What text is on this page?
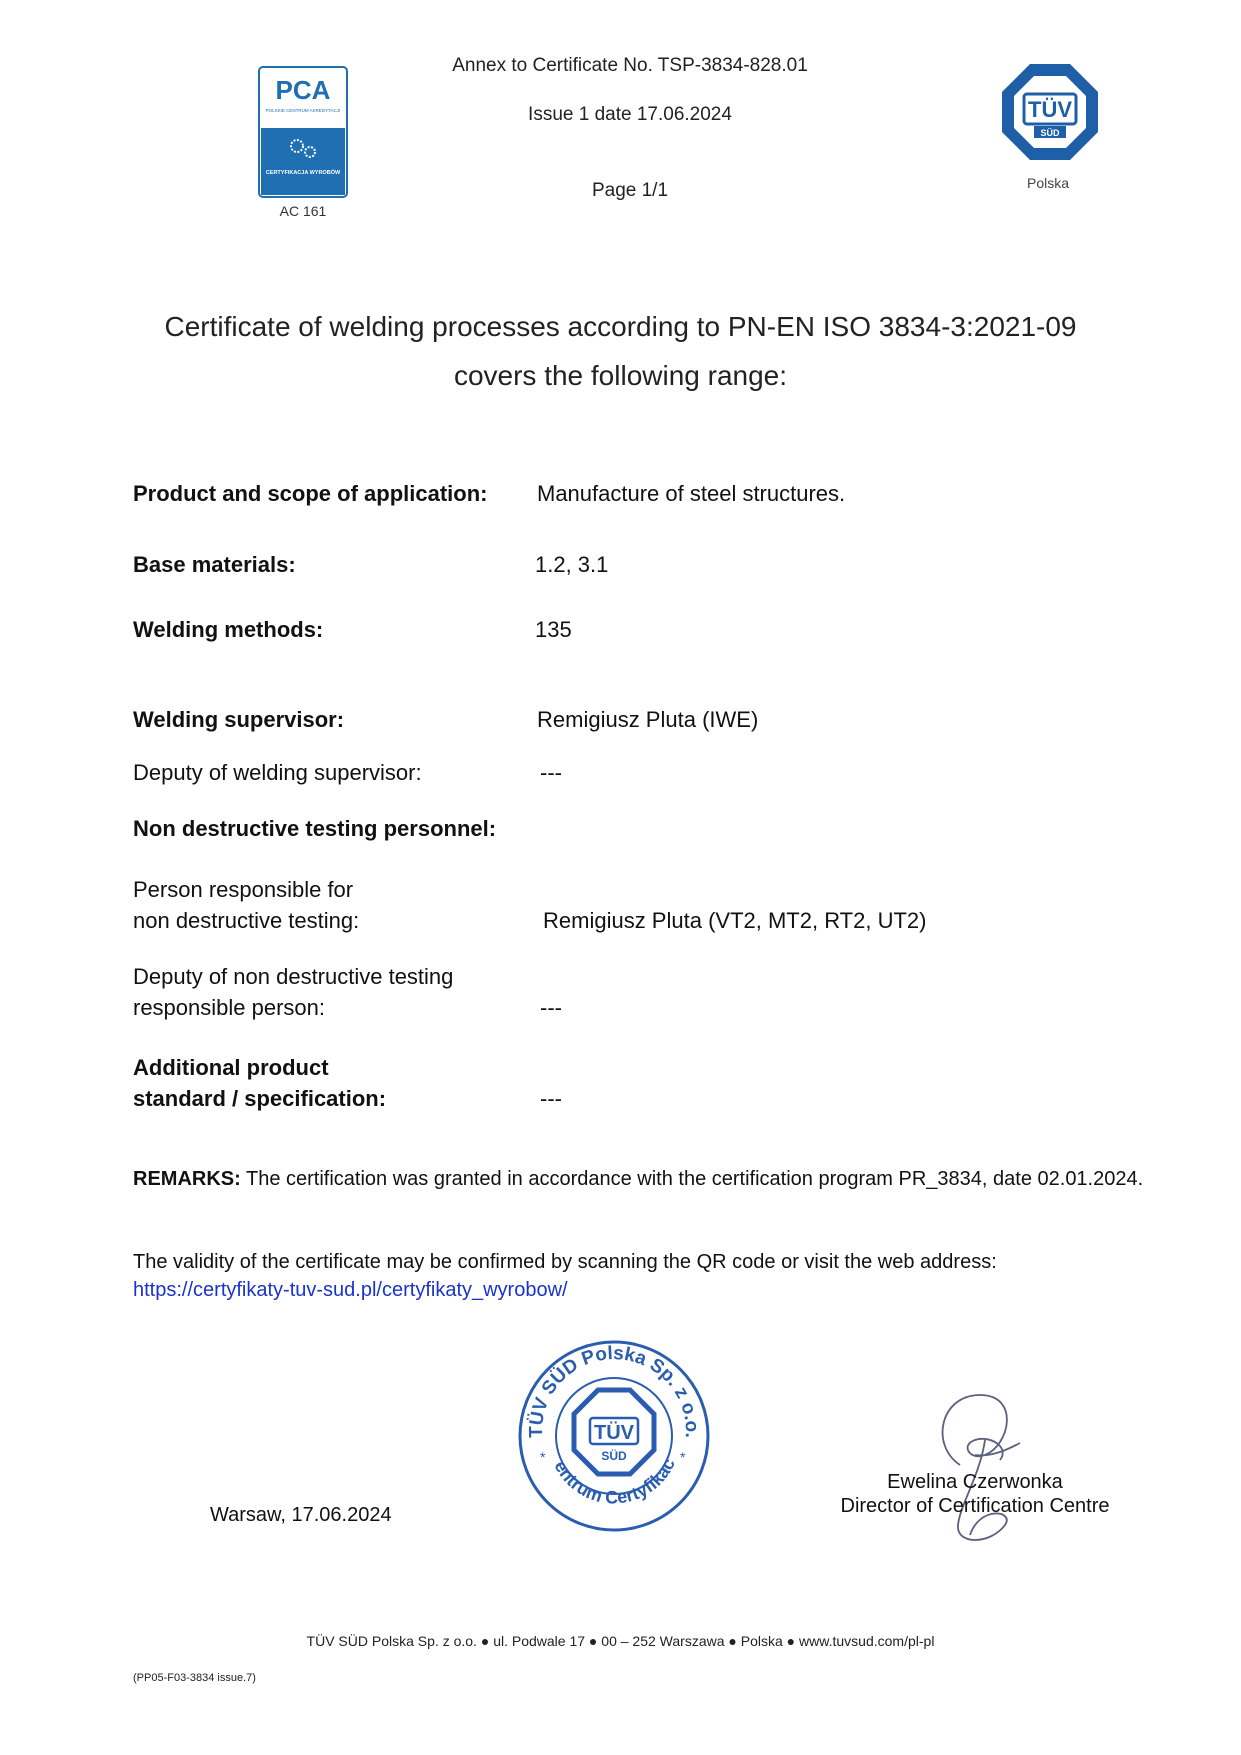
PCA
POLSKIE CENTRUM AKREDYTACJI
CERTYFIKACJA WYROBÓW
AC 161
Annex to Certificate No. TSP-3834-828.01
Issue 1 date 17.06.2024
Page 1/1
TÜV
SÜD
Polska
Certificate of welding processes according to PN-EN ISO 3834-3:2021-09
covers the following range:
Product and scope of application: Manufacture of steel structures.
Base materials:	1.2, 3.1
Welding methods:	135
Welding supervisor:	Remigiusz Pluta (IWE)
Deputy of welding supervisor:	---
Non destructive testing personnel:
Person responsible for
non destructive testing:	Remigiusz Pluta (VT2, MT2, RT2, UT2)
Deputy of non destructive testing
responsible person:	---
Additional product
standard / specification:	---
REMARKS: The certification was granted in accordance with the certification program PR_3834, date 02.01.2024.
The validity of the certificate may be confirmed by scanning the QR code or visit the web address:
https://certyfikaty-tuv-sud.pl/certyfikaty_wyrobow/
TÜV SÜD Polska Sp. z o.o.
entrum Certyfikac
*	*
TÜV
SÜD
Ewelina Czerwonka
Director of Certification Centre
Warsaw, 17.06.2024
TÜV SÜD Polska Sp. z o.o. ● ul. Podwale 17 ● 00 – 252 Warszawa ● Polska ● www.tuvsud.com/pl-pl
(PP05-F03-3834 issue.7)
